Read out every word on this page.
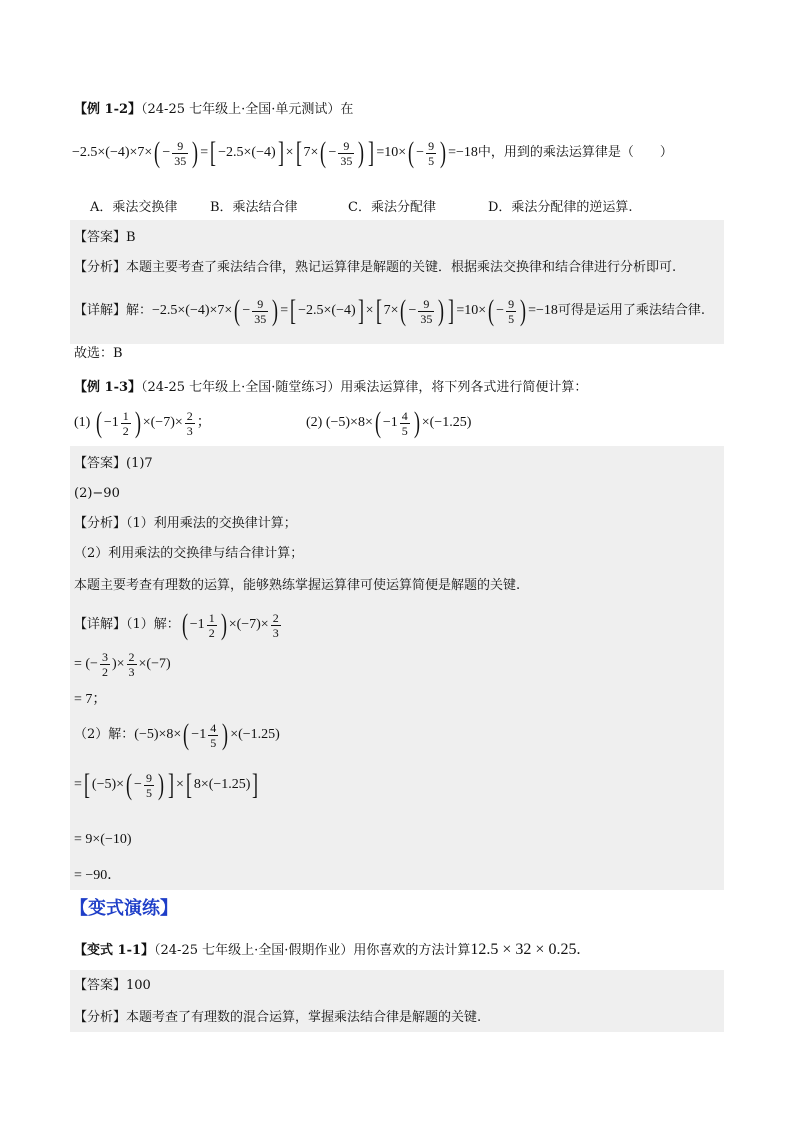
【例 1-2】（24-25 七年级上·全国·单元测试）在
$-2.5\times(-4)\times 7\times( - \frac{9}{35}$ ) =[ −2.5×(−4)] ×[ $7\times( - \frac{9}{35}$ ) ] $=10\times( - \frac{9}{5}$ ) =−18中，用到的乘法运算律是（　　）
A．乘法交换律	B．乘法结合律	C．乘法分配律	D．乘法分配律的逆运算.
【答案】B
【分析】本题主要考查了乘法结合律，熟记运算律是解题的关键．根据乘法交换律和结合律进行分析即可.
【详解】解：$-2.5\times(-4)\times 7\times( - \frac{9}{35}$ ) =[ −2.5×(−4)] ×[ $7\times( - \frac{9}{35}$ ) ] $=10\times( - \frac{9}{5}$ ) =−18可得是运用了乘法结合律.
故选：B
【例 1-3】（24-25 七年级上·全国·随堂练习）用乘法运算律，将下列各式进行简便计算：
(1) ( $-1 \frac{1}{2}$ ) $\times(-7)\times \frac{2}{3}$ ；	(2) $(-5)\times 8\times( -1 \frac{4}{5}$ ) ×(−1.25)
【答案】(1)7
(2)−90
【分析】（1）利用乘法的交换律计算；
（2）利用乘法的交换律与结合律计算；
本题主要考查有理数的运算，能够熟练掌握运算律可使运算简便是解题的关键.
【详解】（1）解：( $-1 \frac{1}{2}$ ) $\times(-7)\times \frac{2}{3}$
= (− $\frac{3}{2}$ )× $\frac{2}{3} \times(-7)$
= 7；
（2）解：$(-5)\times 8\times( -1 \frac{4}{5}$ ) ×(−1.25)
=[ $(-5)\times( - \frac{9}{5}$ ) ] ×[ 8×(−1.25)]
= 9×(−10)
= −90．
【变式演练】
【变式 1-1】（24-25 七年级上·全国·假期作业）用你喜欢的方法计算12.5 × 32 × 0.25.
【答案】100
【分析】本题考查了有理数的混合运算，掌握乘法结合律是解题的关键.
